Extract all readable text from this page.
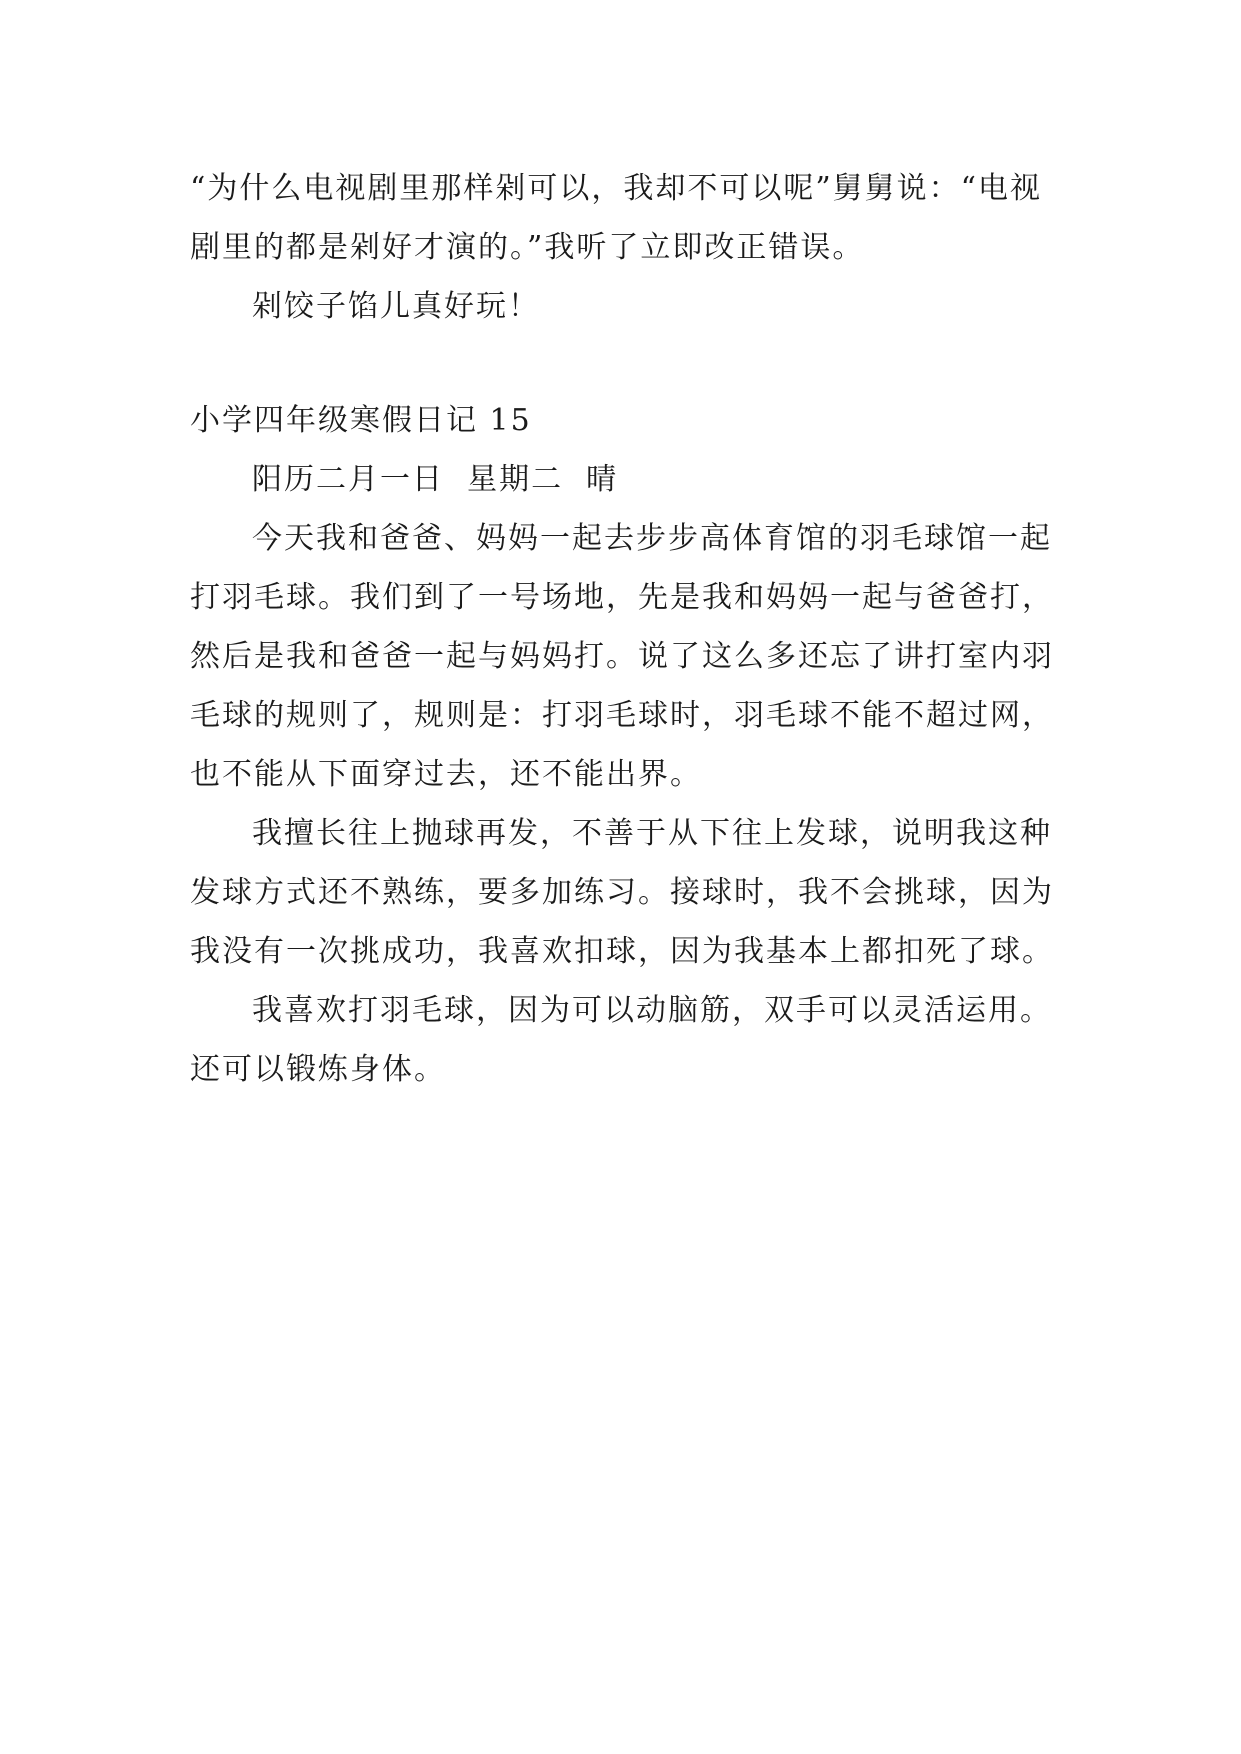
“为什么电视剧里那样剁可以，我却不可以呢”舅舅说：“电视剧里的都是剁好才演的。”我听了立即改正错误。

剁饺子馅儿真好玩！

小学四年级寒假日记 15

阳历二月一日  星期二  晴

今天我和爸爸、妈妈一起去步步高体育馆的羽毛球馆一起打羽毛球。我们到了一号场地，先是我和妈妈一起与爸爸打，然后是我和爸爸一起与妈妈打。说了这么多还忘了讲打室内羽毛球的规则了，规则是：打羽毛球时，羽毛球不能不超过网，也不能从下面穿过去，还不能出界。

我擅长往上抛球再发，不善于从下往上发球，说明我这种发球方式还不熟练，要多加练习。接球时，我不会挑球，因为我没有一次挑成功，我喜欢扣球，因为我基本上都扣死了球。

我喜欢打羽毛球，因为可以动脑筋，双手可以灵活运用。还可以锻炼身体。
